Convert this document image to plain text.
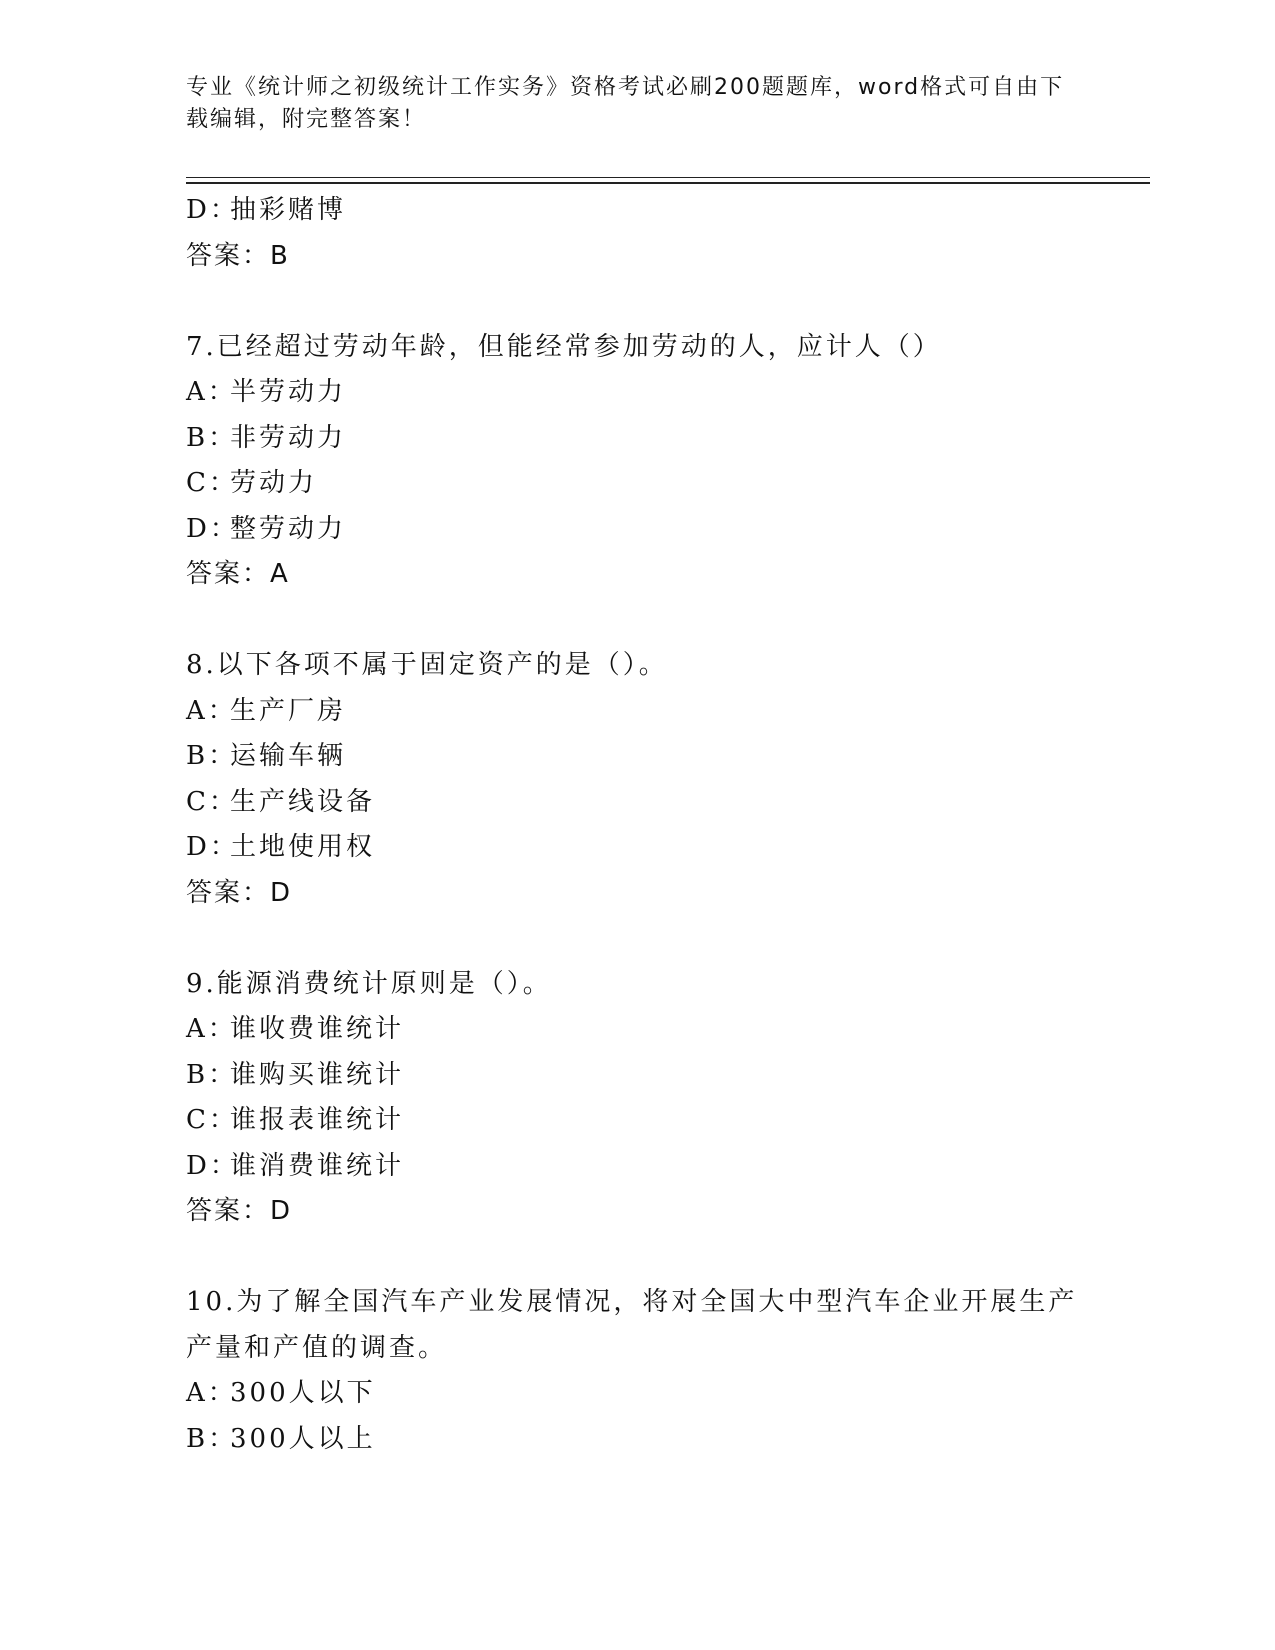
专业《统计师之初级统计工作实务》资格考试必刷200题题库，word格式可自由下载编辑，附完整答案！
D：抽彩赌博
答案：B
7.已经超过劳动年龄，但能经常参加劳动的人，应计人（）
A：半劳动力
B：非劳动力
C：劳动力
D：整劳动力
答案：A
8.以下各项不属于固定资产的是（）。
A：生产厂房
B：运输车辆
C：生产线设备
D：土地使用权
答案：D
9.能源消费统计原则是（）。
A：谁收费谁统计
B：谁购买谁统计
C：谁报表谁统计
D：谁消费谁统计
答案：D
10.为了解全国汽车产业发展情况，将对全国大中型汽车企业开展生产
产量和产值的调查。
A：300人以下
B：300人以上
